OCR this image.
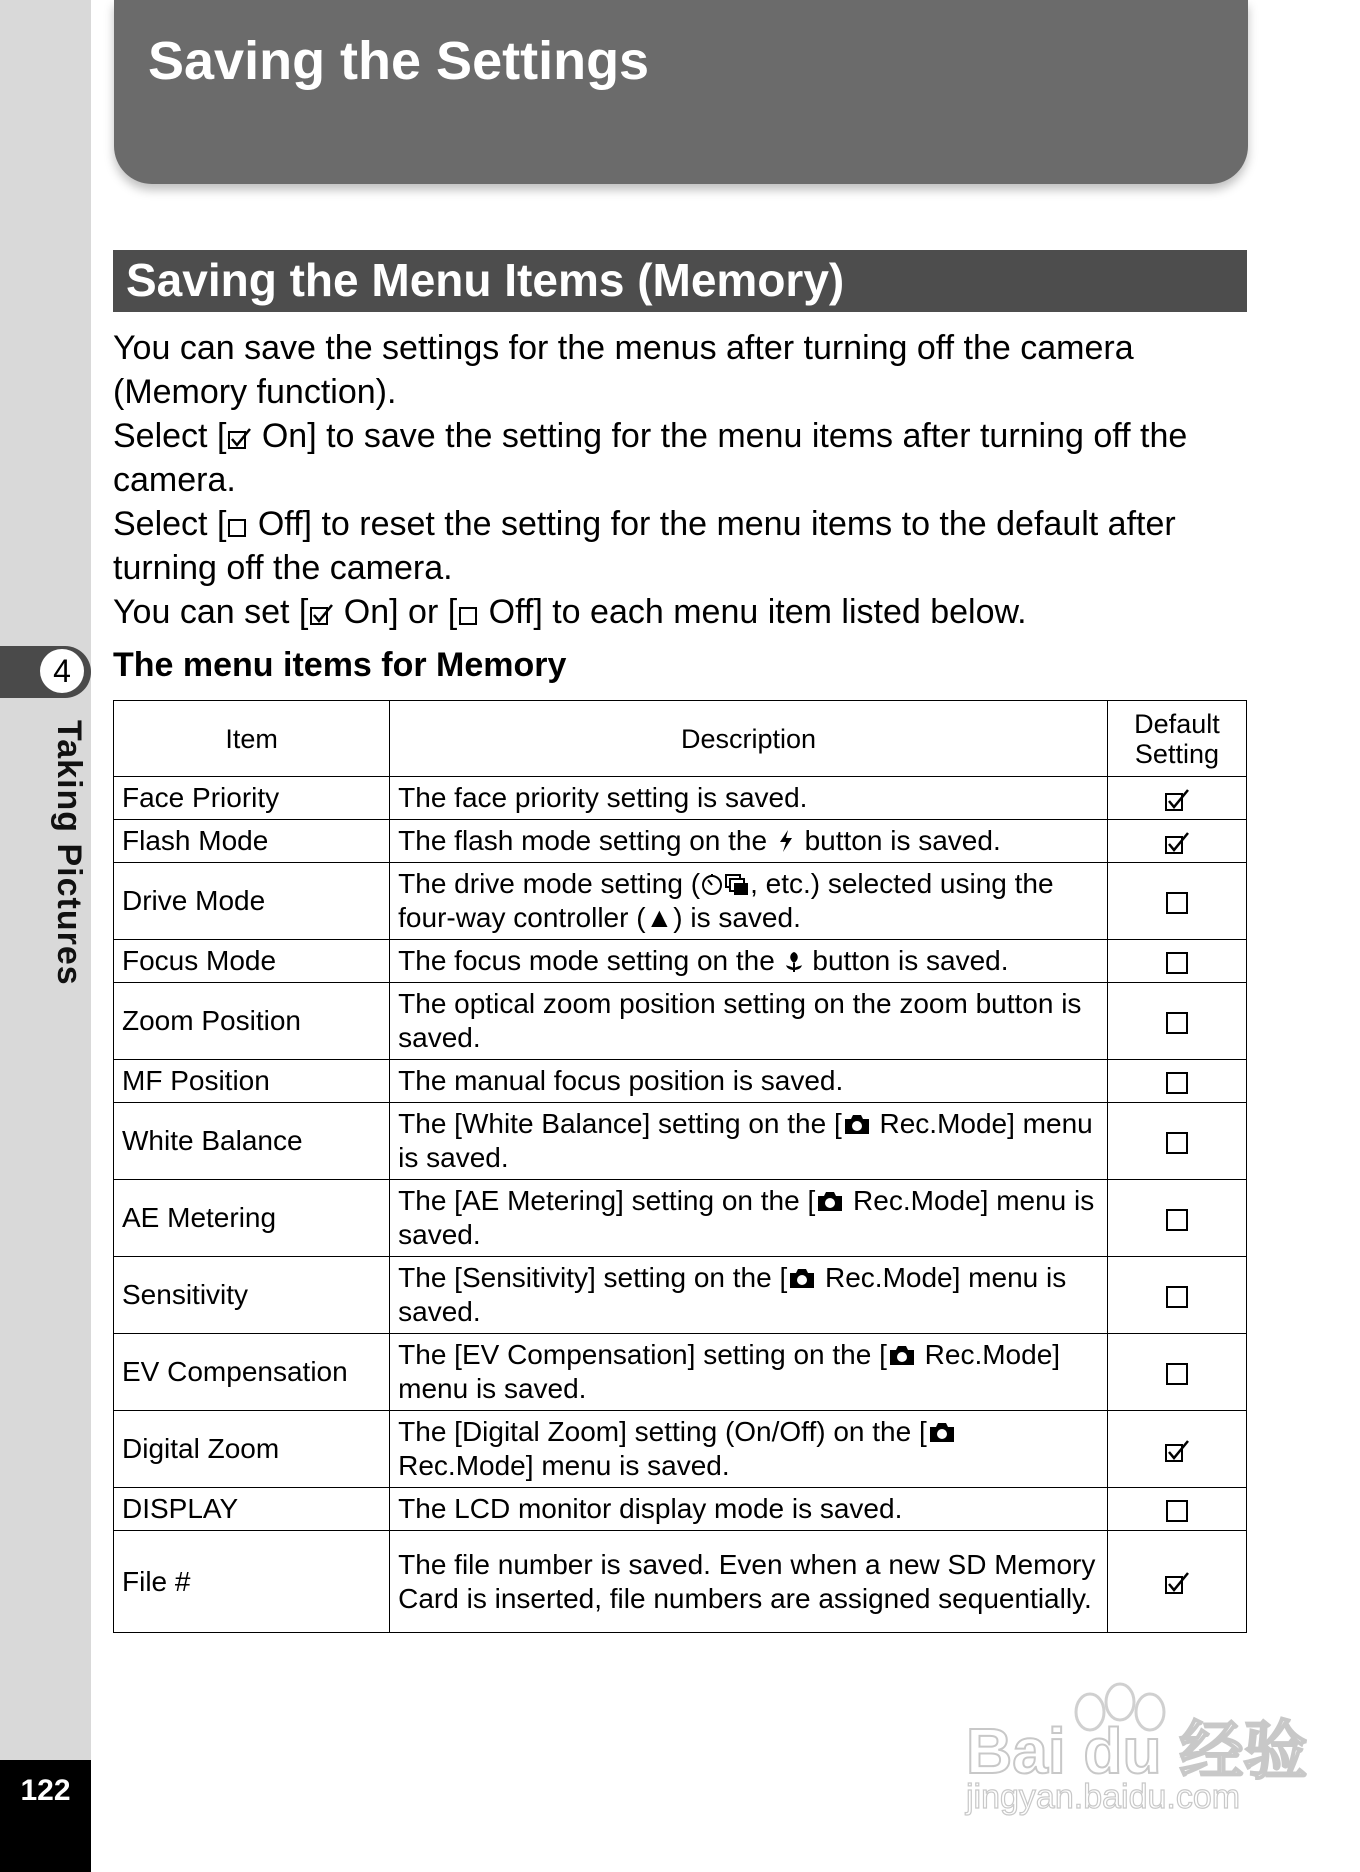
4
Taking Pictures
122
Saving the Settings
Saving the Menu Items (Memory)

You can save the settings for the menus after turning off the camera (Memory function).

Select [ On] to save the setting for the menu items after turning off the camera.

Select [ Off] to reset the setting for the menu items to the default after turning off the camera.

You can set [ On] or [ Off] to each menu item listed below.

The menu items for Memory
Item	Description	Default Setting
Face Priority	The face priority setting is saved.	
Flash Mode	The flash mode setting on the  button is saved.	
Drive Mode	The drive mode setting ( , etc.) selected using the four-way controller (▲) is saved.	
Focus Mode	The focus mode setting on the  button is saved.	
Zoom Position	The optical zoom position setting on the zoom button is saved.	
MF Position	The manual focus position is saved.	
White Balance	The [White Balance] setting on the [ Rec.Mode] menu is saved.	
AE Metering	The [AE Metering] setting on the [ Rec.Mode] menu is saved.	
Sensitivity	The [Sensitivity] setting on the [ Rec.Mode] menu is saved.	
EV Compensation	The [EV Compensation] setting on the [ Rec.Mode] menu is saved.	
Digital Zoom	The [Digital Zoom] setting (On/Off) on the [ Rec.Mode] menu is saved.	
DISPLAY	The LCD monitor display mode is saved.	
File #	The file number is saved. Even when a new SD Memory Card is inserted, file numbers are assigned sequentially.	
Bai du 经验
jingyan.baidu.com
